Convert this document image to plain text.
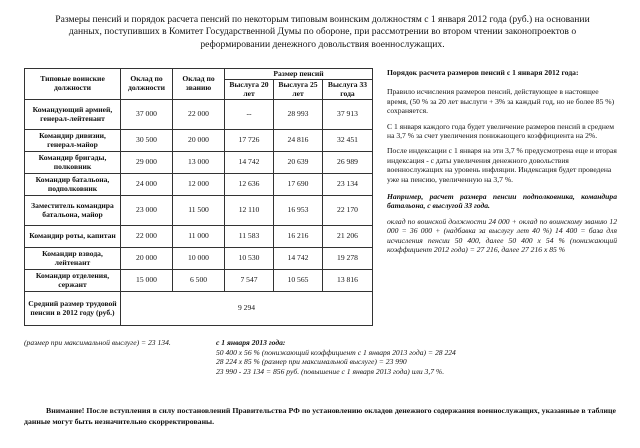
Размеры пенсий и порядок расчета пенсий по некоторым типовым воинским должностям с 1 января 2012 года (руб.) на основании данных, поступивших в Комитет Государственной Думы по обороне, при рассмотрении во втором чтении законопроектов о реформировании денежного довольствия военнослужащих.
Типовые воинские должности	Оклад по должности	Оклад по званию	Размер пенсий		
			Выслуга 20 лет	Выслуга 25 лет	Выслуга 33 года
Командующий армией, генерал-лейтенант	37 000	22 000	--	28 993	37 913
Командир дивизии, генерал-майор	30 500	20 000	17 726	24 816	32 451
Командир бригады, полковник	29 000	13 000	14 742	20 639	26 989
Командир батальона, подполковник	24 000	12 000	12 636	17 690	23 134
Заместитель командира батальона, майор	23 000	11 500	12 110	16 953	22 170
Командир роты, капитан	22 000	11 000	11 583	16 216	21 206
Командир взвода, лейтенант	20 000	10 000	10 530	14 742	19 278
Командир отделения, сержант	15 000	6 500	7 547	10 565	13 816
Средний размер трудовой пенсии в 2012 году (руб.)	9 294				

Порядок расчета размеров пенсий с 1 января 2012 года:

Правило исчисления размеров пенсий, действующее в настоящее время, (50 % за 20 лет выслуги + 3% за каждый год, но не более 85 %) сохраняется.

С 1 января каждого года будет увеличение размеров пенсий в среднем на 3,7 % за счет увеличения понижающего коэффициента на 2%.

После индексации с 1 января на эти 3,7 % предусмотрена еще и вторая индексация - с даты увеличения денежного довольствия военнослужащих на уровень инфляции. Индексация будет проведена уже на пенсию, увеличенную на 3,7 %.

Например, расчет размера пенсии подполковника, командира батальона, с выслугой 33 года.

оклад по воинской должности 24 000 + оклад по воинскому званию 12 000 = 36 000 + (надбавка за выслугу лет 40 %) 14 400 = база для исчисления пенсии 50 400, далее 50 400 х 54 % (понижающий коэффициент 2012 года) = 27 216, далее 27 216 х 85 %

(размер при максимальной выслуге) = 23 134.	с 1 января 2013 года:
50 400 х 56 % (понижающий коэффициент с 1 января 2013 года) = 28 224
28 224 х 85 % (размер при максимальной выслуге) = 23 990
23 990 - 23 134 = 856 руб. (повышение с 1 января 2013 года) или 3,7 %.
Внимание! После вступления в силу постановлений Правительства РФ по установлению окладов денежного содержания военнослужащих, указанные в таблице данные могут быть незначительно скорректированы.
